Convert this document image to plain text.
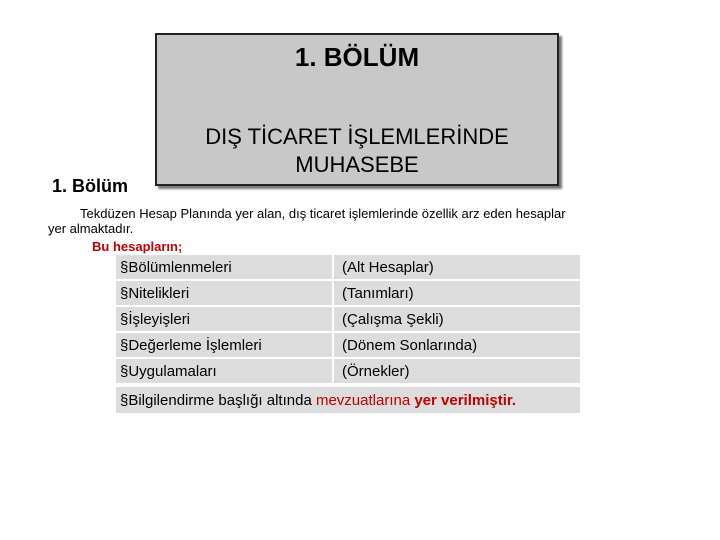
1. BÖLÜM
DIŞ TİCARET İŞLEMLERİNDE
MUHASEBE
1. Bölüm
Tekdüzen Hesap Planında yer alan, dış ticaret işlemlerinde özellik arz eden hesaplar yer almaktadır.
Bu hesapların;
§Bölümlenmeleri	(Alt Hesaplar)
§Nitelikleri	(Tanımları)
§İşleyişleri	(Çalışma Şekli)
§Değerleme İşlemleri	(Dönem Sonlarında)
§Uygulamaları	(Örnekler)
§Bilgilendirme başlığı altında mevzuatlarına yer verilmiştir.
